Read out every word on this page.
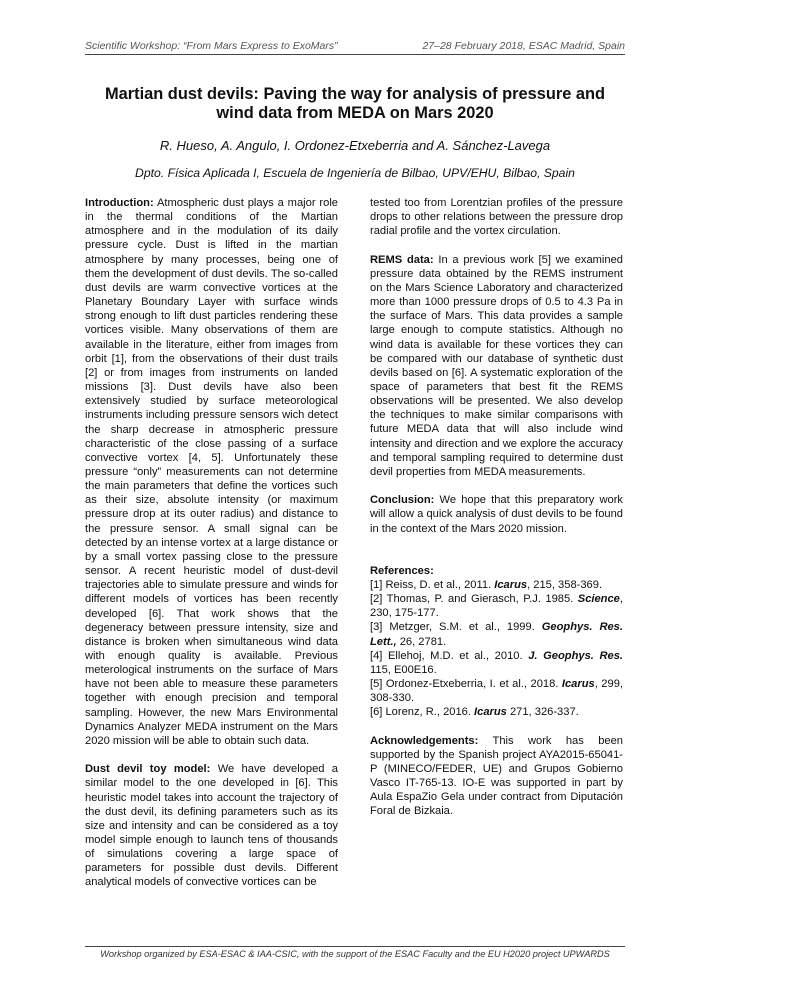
Scientific Workshop: “From Mars Express to ExoMars”	27–28 February 2018, ESAC Madrid, Spain
Martian dust devils: Paving the way for analysis of pressure and
wind data from MEDA on Mars 2020
R. Hueso, A. Angulo, I. Ordonez-Etxeberria and A. Sánchez-Lavega
Dpto. Física Aplicada I, Escuela de Ingeniería de Bilbao, UPV/EHU, Bilbao, Spain

Introduction: Atmospheric dust plays a major role in the thermal conditions of the Martian atmosphere and in the modulation of its daily pressure cycle. Dust is lifted in the martian atmosphere by many processes, being one of them the development of dust devils. The so-called dust devils are warm convective vortices at the Planetary Boundary Layer with surface winds strong enough to lift dust particles rendering these vortices visible. Many observations of them are available in the literature, either from images from orbit [1], from the observations of their dust trails [2] or from images from instruments on landed missions [3]. Dust devils have also been extensively studied by surface meteorological instruments including pressure sensors wich detect the sharp decrease in atmospheric pressure characteristic of the close passing of a surface convective vortex [4, 5]. Unfortunately these pressure “only” measurements can not determine the main parameters that define the vortices such as their size, absolute intensity (or maximum pressure drop at its outer radius) and distance to the pressure sensor. A small signal can be detected by an intense vortex at a large distance or by a small vortex passing close to the pressure sensor. A recent heuristic model of dust-devil trajectories able to simulate pressure and winds for different models of vortices has been recently developed [6]. That work shows that the degeneracy between pressure intensity, size and distance is broken when simultaneous wind data with enough quality is available. Previous meterological instruments on the surface of Mars have not been able to measure these parameters together with enough precision and temporal sampling. However, the new Mars Environmental Dynamics Analyzer MEDA instrument on the Mars 2020 mission will be able to obtain such data.

Dust devil toy model: We have developed a similar model to the one developed in [6]. This heuristic model takes into account the trajectory of the dust devil, its defining parameters such as its size and intensity and can be considered as a toy model simple enough to launch tens of thousands of simulations covering a large space of parameters for possible dust devils. Different analytical models of convective vortices can be

tested too from Lorentzian profiles of the pressure drops to other relations between the pressure drop radial profile and the vortex circulation.

REMS data: In a previous work [5] we examined pressure data obtained by the REMS instrument on the Mars Science Laboratory and characterized more than 1000 pressure drops of 0.5 to 4.3 Pa in the surface of Mars. This data provides a sample large enough to compute statistics. Although no wind data is available for these vortices they can be compared with our database of synthetic dust devils based on [6]. A systematic exploration of the space of parameters that best fit the REMS observations will be presented. We also develop the techniques to make similar comparisons with future MEDA data that will also include wind intensity and direction and we explore the accuracy and temporal sampling required to determine dust devil properties from MEDA measurements.

Conclusion: We hope that this preparatory work will allow a quick analysis of dust devils to be found in the context of the Mars 2020 mission.

References:
[1] Reiss, D. et al., 2011. Icarus, 215, 358-369.
[2] Thomas, P. and Gierasch, P.J. 1985. Science, 230, 175-177.
[3] Metzger, S.M. et al., 1999. Geophys. Res. Lett., 26, 2781.
[4] Ellehoj, M.D. et al., 2010. J. Geophys. Res. 115, E00E16.
[5] Ordonez-Etxeberria, I. et al., 2018. Icarus, 299, 308-330.
[6] Lorenz, R., 2016. Icarus 271, 326-337.

Acknowledgements: This work has been supported by the Spanish project AYA2015-65041-P (MINECO/FEDER, UE) and Grupos Gobierno Vasco IT-765-13. IO-E was supported in part by Aula EspaZio Gela under contract from Diputación Foral de Bizkaia.

Workshop organized by ESA-ESAC & IAA-CSIC, with the support of the ESAC Faculty and the EU H2020 project UPWARDS
